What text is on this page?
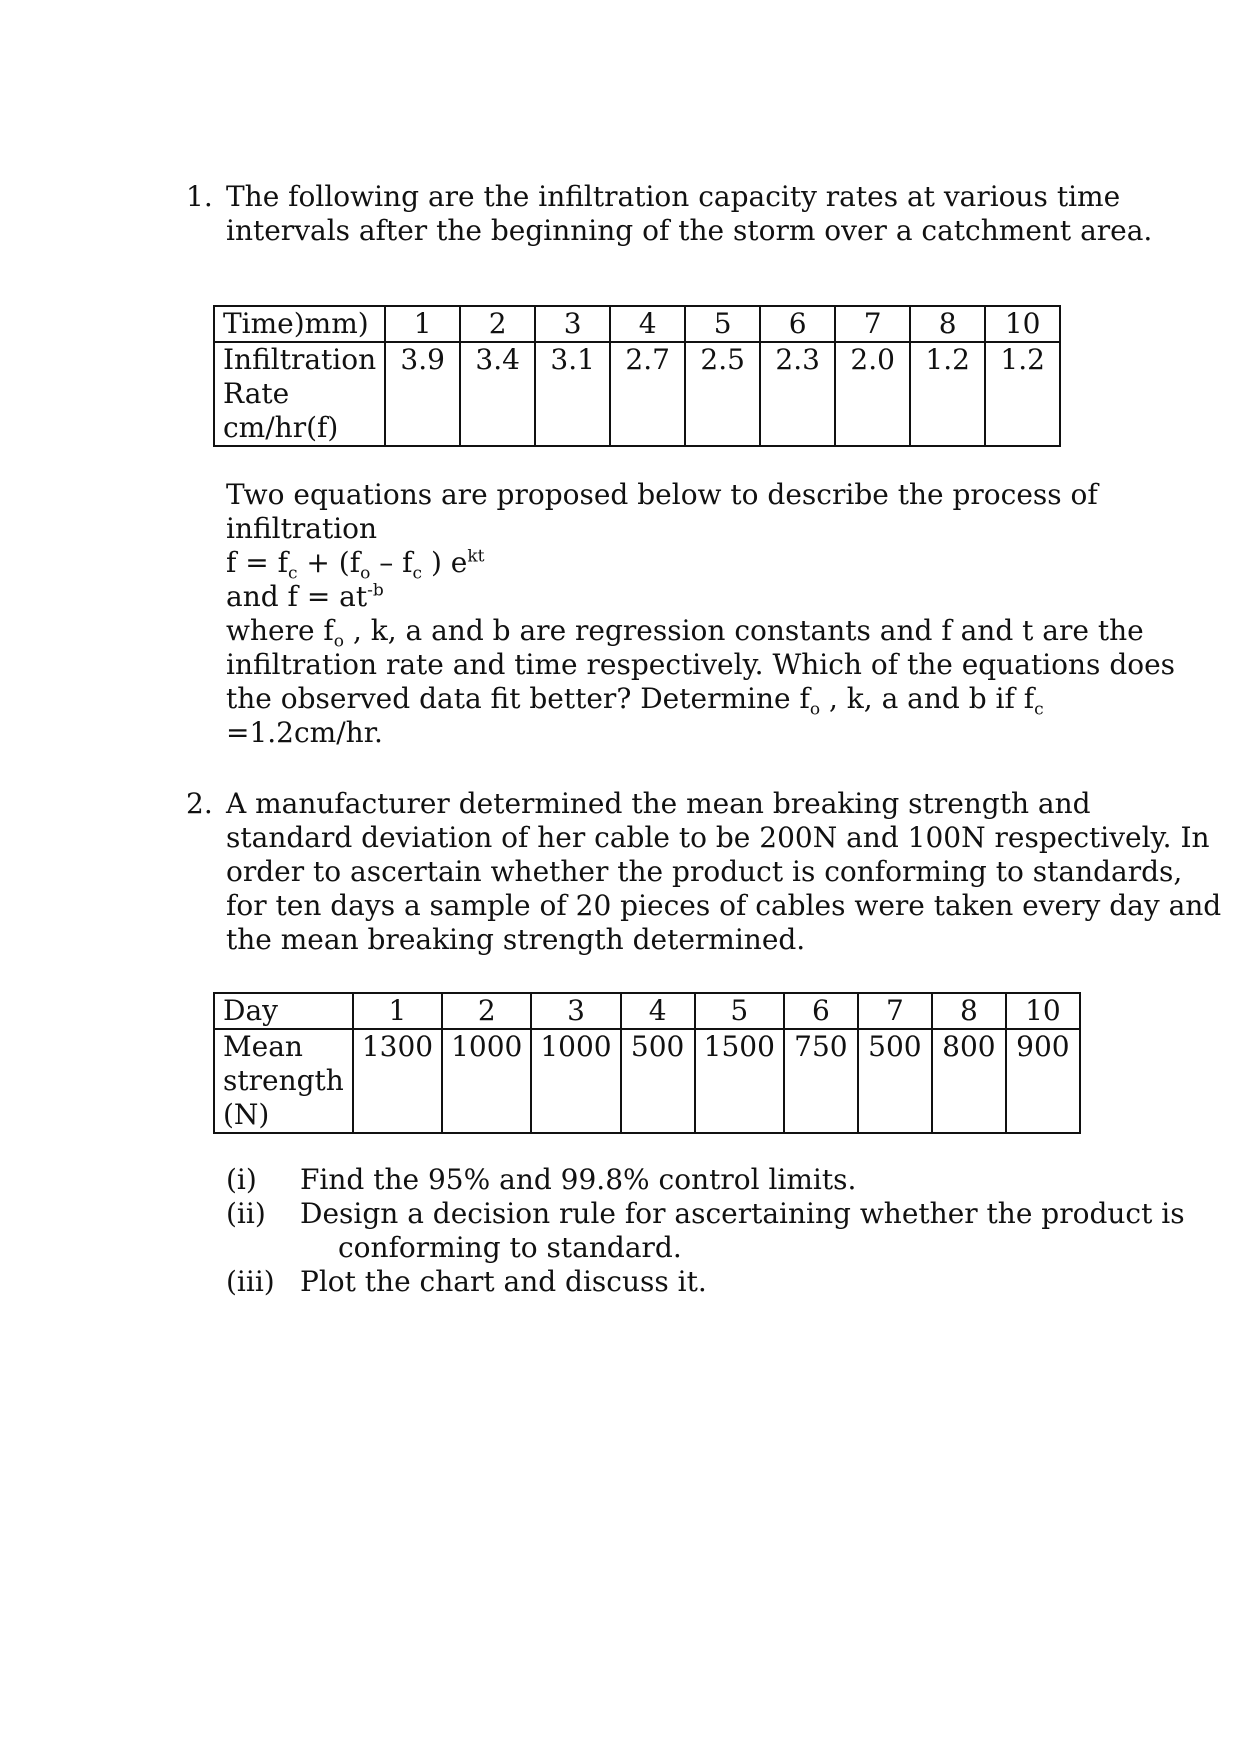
1. The following are the infiltration capacity rates at various time
intervals after the beginning of the storm over a catchment area.
Time)mm)	1	2	3	4	5	6	7	8	10

Infiltration
Rate
cm/hr(f)	3.9	3.4	3.1	2.7	2.5	2.3	2.0	1.2	1.2
Two equations are proposed below to describe the process of
infiltration
$f = f_c + (f_o - f_c$ ) $e^{kt}$
and $f = at^{-b}$
where $f_o$ , k, a and b are regression constants and f and t are the
infiltration rate and time respectively. Which of the equations does
the observed data fit better? Determine $f_o$ , k, a and b if $f_c$
=1.2cm/hr.
2. A manufacturer determined the mean breaking strength and
standard deviation of her cable to be 200N and 100N respectively. In
order to ascertain whether the product is conforming to standards,
for ten days a sample of 20 pieces of cables were taken every day and
the mean breaking strength determined.
Day	1	2	3	4	5	6	7	8	10

Mean
strength
(N)	1300	1000	1000	500	1500	750	500	800	900
(i)	Find the 95% and 99.8% control limits.
(ii)	Design a decision rule for ascertaining whether the product is
conforming to standard.
(iii) Plot the chart and discuss it.
